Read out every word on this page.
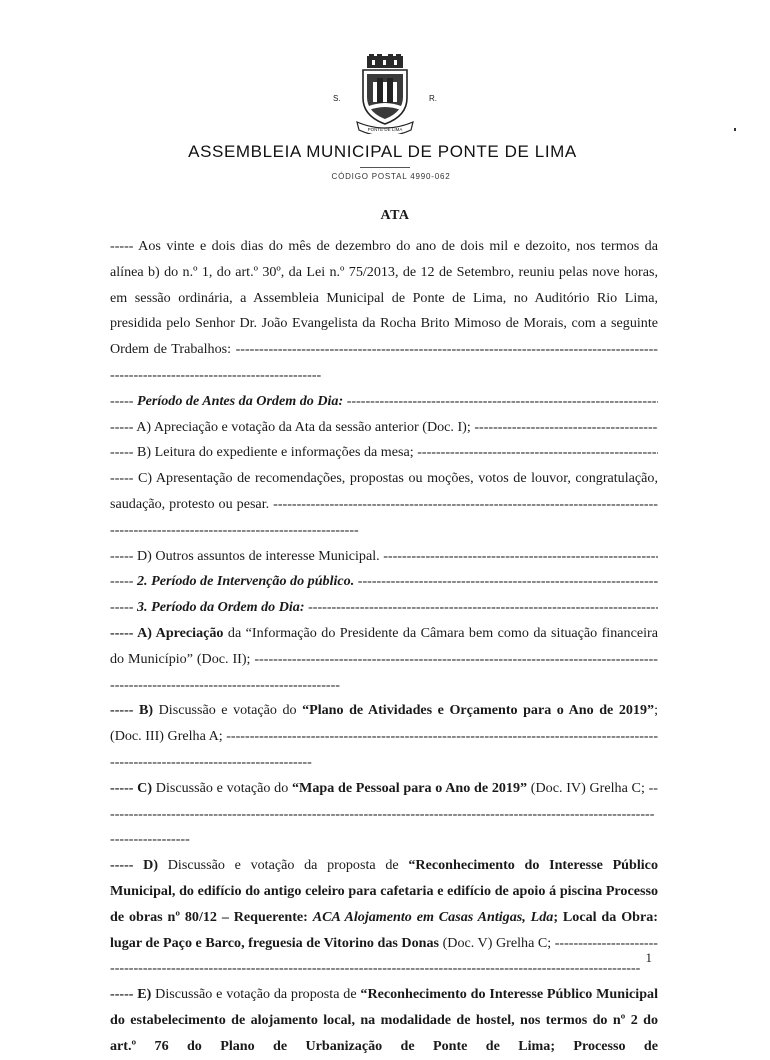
S.
PONTE DE LIMA
R.
ASSEMBLEIA MUNICIPAL DE PONTE DE LIMA
CÓDIGO POSTAL 4990-062
ATA

----- Aos vinte e dois dias do mês de dezembro do ano de dois mil e dezoito, nos termos da alínea b) do n.º 1, do art.º 30º, da Lei n.º 75/2013, de 12 de Setembro, reuniu pelas nove horas, em sessão ordinária, a Assembleia Municipal de Ponte de Lima, no Auditório Rio Lima, presidida pelo Senhor Dr. João Evangelista da Rocha Brito Mimoso de Morais, com a seguinte Ordem de Trabalhos: -----

----- Período de Antes da Ordem do Dia: -----

----- A) Apreciação e votação da Ata da sessão anterior (Doc. I); -----

----- B) Leitura do expediente e informações da mesa; -----

----- C) Apresentação de recomendações, propostas ou moções, votos de louvor, congratulação, saudação, protesto ou pesar. -----

----- D) Outros assuntos de interesse Municipal. -----

----- 2. Período de Intervenção do público. -----

----- 3. Período da Ordem do Dia: -----

----- A) Apreciação da “Informação do Presidente da Câmara bem como da situação financeira do Município” (Doc. II); -----

----- B) Discussão e votação do “Plano de Atividades e Orçamento para o Ano de 2019”; (Doc. III) Grelha A; -----

----- C) Discussão e votação do “Mapa de Pessoal para o Ano de 2019” (Doc. IV) Grelha C; -----

----- D) Discussão e votação da proposta de “Reconhecimento do Interesse Público Municipal, do edifício do antigo celeiro para cafetaria e edifício de apoio á piscina Processo de obras nº 80/12 – Requerente: ACA Alojamento em Casas Antigas, Lda; Local da Obra: lugar de Paço e Barco, freguesia de Vitorino das Donas (Doc. V) Grelha C; -----

----- E) Discussão e votação da proposta de “Reconhecimento do Interesse Público Municipal do estabelecimento de alojamento local, na modalidade de hostel, nos termos do nº 2 do art.º 76 do Plano de Urbanização de Ponte de Lima; Processo de

1
